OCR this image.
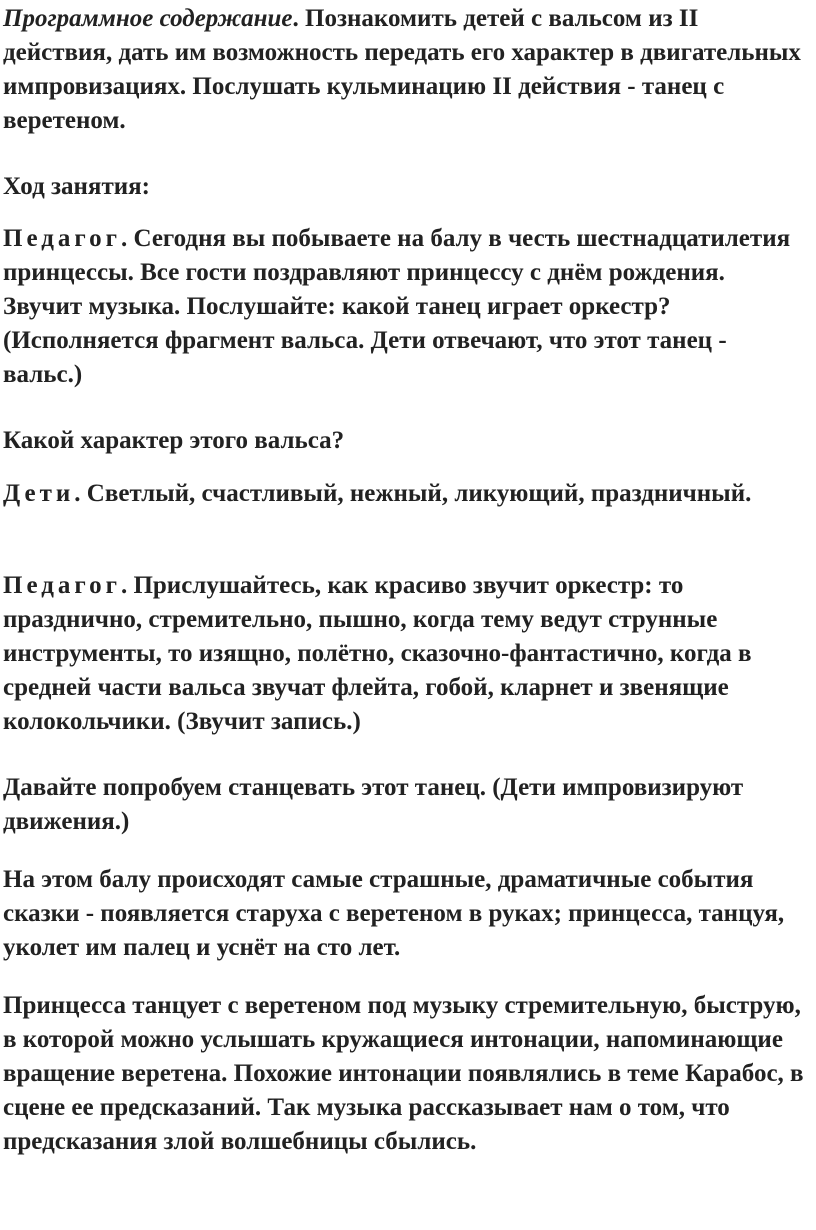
Программное содержание. Познакомить детей с вальсом из II действия, дать им возможность передать его характер в двигательных импровизациях. Послушать кульминацию II действия - танец с веретеном.

Ход занятия:

Педагог. Сегодня вы побываете на балу в честь шестнадцатилетия принцессы. Все гости поздравляют принцессу с днём рождения. Звучит музыка. Послушайте: какой танец играет оркестр? (Исполняется фрагмент вальса. Дети отвечают, что этот танец - вальс.)

Какой характер этого вальса?

Дети. Светлый, счастливый, нежный, ликующий, праздничный.

Педагог. Прислушайтесь, как красиво звучит оркестр: то празднично, стремительно, пышно, когда тему ведут струнные инструменты, то изящно, полётно, сказочно-фантастично, когда в средней части вальса звучат флейта, гобой, кларнет и звенящие колокольчики. (Звучит запись.)

Давайте попробуем станцевать этот танец. (Дети импровизируют движения.)

На этом балу происходят самые страшные, драматичные события сказки - появляется старуха с веретеном в руках; принцесса, танцуя, уколет им палец и уснёт на сто лет.

Принцесса танцует с веретеном под музыку стремительную, быструю, в которой можно услышать кружащиеся интонации, напоминающие вращение веретена. Похожие интонации появлялись в теме Карабос, в сцене ее предсказаний. Так музыка рассказывает нам о том, что предсказания злой волшебницы сбылись.
